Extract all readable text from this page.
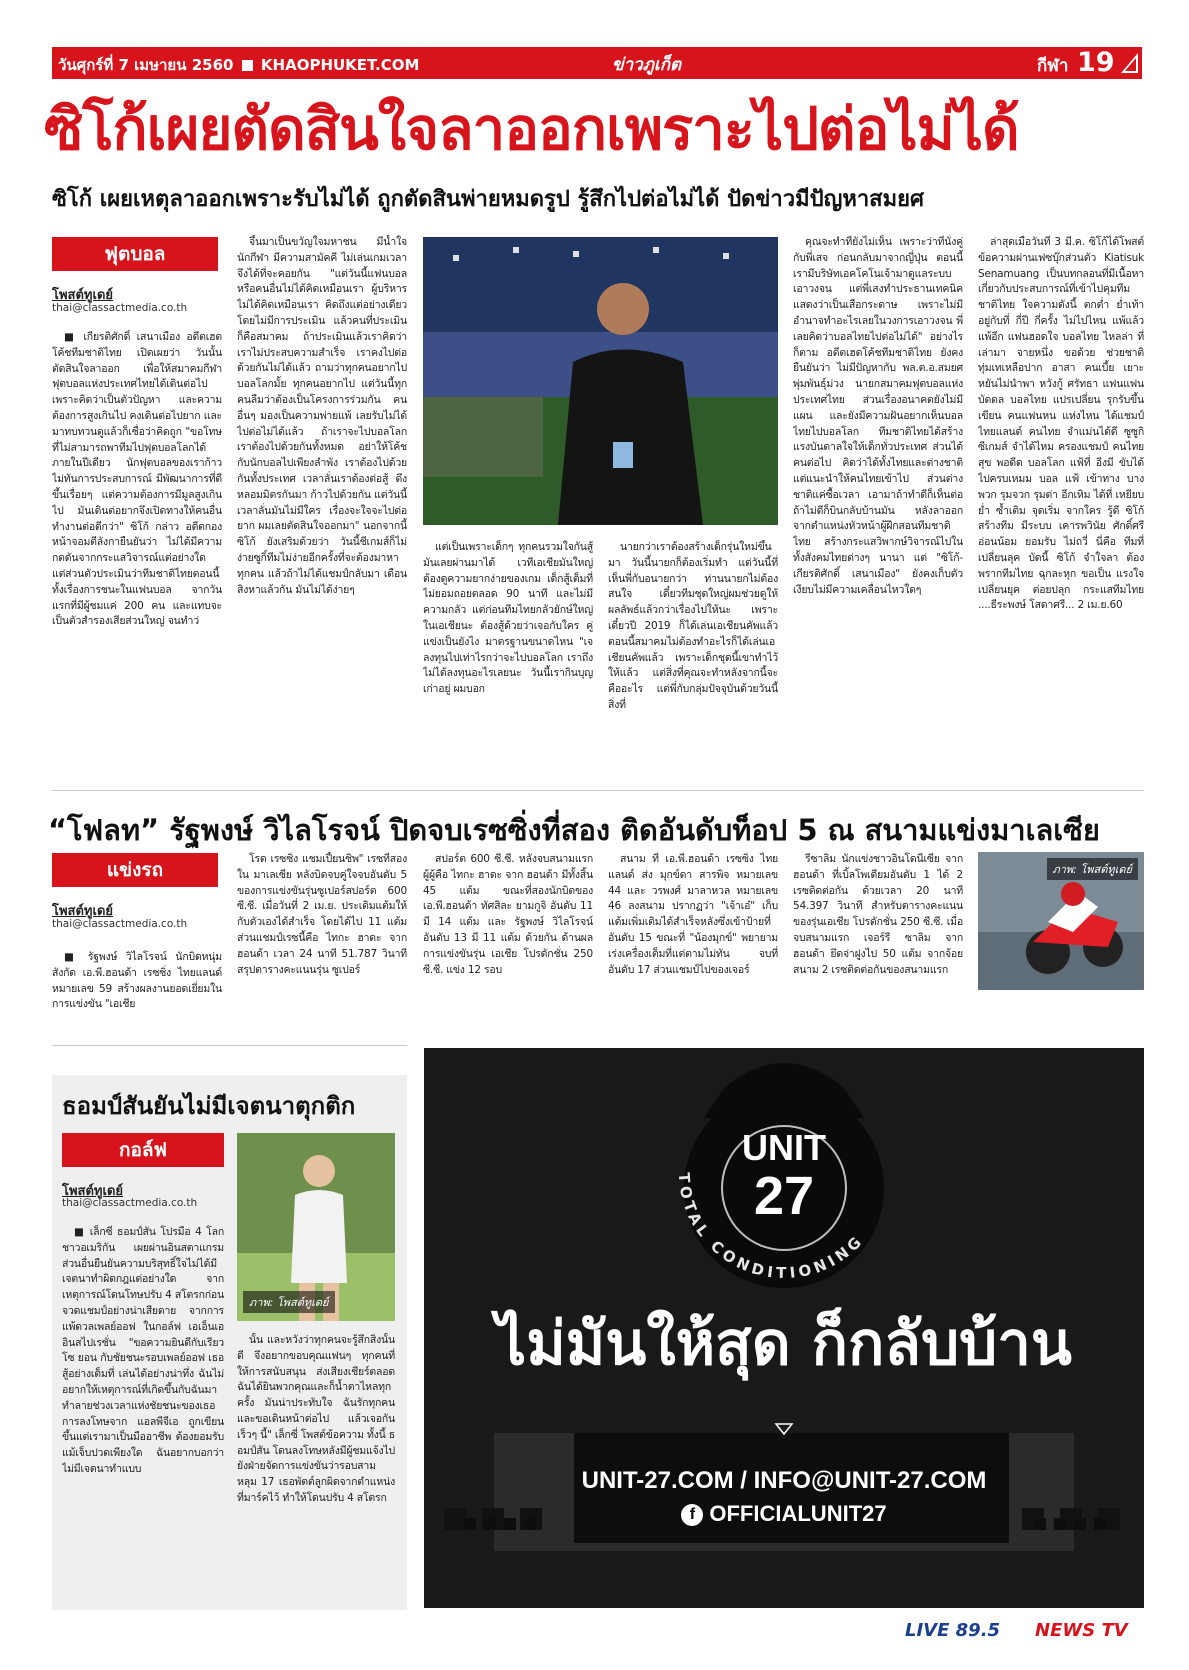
วันศุกร์ที่ 7 เมษายน 2560 KHAOPHUKET.COM	ข่าวภูเก็ต	กีฬา 19
ซิโก้เผยตัดสินใจลาออกเพราะไปต่อไม่ได้
ซิโก้ เผยเหตุลาออกเพราะรับไม่ได้ ถูกตัดสินพ่ายหมดรูป รู้สึกไปต่อไม่ได้ ปัดข่าวมีปัญหาสมยศ
ฟุตบอล
โพสต์ทูเดย์
thai@classactmedia.co.th

■ เกียรติศักดิ์ เสนาเมือง อดีตเฮดโค้ชทีมชาติไทย เปิดเผยว่า วันนั้นตัดสินใจลาออก เพื่อให้สมาคมกีฬาฟุตบอลแห่งประเทศไทยได้เดินต่อไป เพราะคิดว่าเป็นตัวปัญหา และความต้องการสูงเกินไป คงเดินต่อไปยาก และมาทบทวนดูแล้วก็เชื่อว่าคิดถูก "ขอโทษที่ไม่สามารถพาทีมไปฟุตบอลโลกได้ภายในปีเดียว นักฟุตบอลของเราก้าวไม่ทันการประสบการณ์ มีพัฒนาการที่ดีขึ้นเรื่อยๆ แต่ความต้องการมีมูลสูงเกินไป มันเดินต่อยากจึงเปิดทางให้คนอื่นทำงานต่อดีกว่า" ซิโก้ กล่าว อดีตกองหน้าจอมตีลังกายืนยันว่า ไม่ได้มีความกดดันจากกระแสวิจารณ์แต่อย่างใด แต่ส่วนตัวประเมินว่าทีมชาติไทยตอนนี้ ทั้งเรื่องการชนะในแฟนบอล จากวันแรกที่มีผู้ชมแค่ 200 คน และแทบจะเป็นตัวสำรองเสียส่วนใหญ่ จนทำว่

จึ้นมาเป็นขวัญใจมหาชน มีน้ำใจนักกีฬา มีความสามัคคี ไม่เล่นเกมเวลาจึงได้ที่จะคอยกัน "แต่วันนี้แฟนบอลหรือคนอื่นไม่ได้คิดเหมือนเรา ผู้บริหารไม่ได้คิดเหมือนเรา คิดถึงแต่อย่างเดียวโดยไม่มีการประเมิน แล้วคนที่ประเมินก็คือสมาคม ถ้าประเมินแล้วเราคิดว่าเราไม่ประสบความสำเร็จ เราคงไปต่อด้วยกันไม่ได้แล้ว ถามว่าทุกคนอยากไปบอลโลกมั้ย ทุกคนอยากไป แต่วันนี้ทุกคนลืมว่าต้องเป็นโครงการร่วมกัน คนอื่นๆ มองเป็นความพ่ายแพ้ เลยรับไม่ได้ ไปต่อไม่ได้แล้ว ถ้าเราจะไปบอลโลก เราต้องไปด้วยกันทั้งหมด อย่าให้โค้ชกับนักบอลไปเพียงลำพัง เราต้องไปด้วยกันทั้งประเทศ เวลาลั่นเราต้องต่อสู้ ดึงหลอมมิตรกันมา ก้าวไปด้วยกัน แต่วันนี้เวลาลั่นมันไม่มีใคร เรื่องจะใจจะไปต่อยาก ผมเลยตัดสินใจออกมา" นอกจากนี้ ซิโก้ ยังเสริมด้วยว่า วันนี้ชีเกมส์ก็ไม่ง่ายซูกิ์ทีมไม่ง่ายอีกครั้งที่จะต้องมาหาทุกคน แล้วถ้าไม่ได้แชมป์กลับมา เดือนสิงหาแล้วกัน มันไม่ได้ง่ายๆ

แต่เป็นเพราะเด็กๆ ทุกคนรวมใจกันสู้ มันเลยผ่านมาได้ เวทีเอเชียมันใหญ่ ต้องดูความยากง่ายของเกม เด็กสู้เต็มที่ ไม่ยอมถอยตลอด 90 นาที และไม่มีความกลัว แต่ก่อนทีมไทยกลัวยักษ์ใหญ่ในเอเชียนะ ต้องสู้ด้วยว่าเจอกับใคร คู่แข่งเป็นยังไง มาตรฐานขนาดไหน "เจลงทุนไปเท่าไรกว่าจะไปบอลโลก เราถึงไม่ได้ลงทุนอะไรเลยนะ วันนี้เรากินบุญเก่าอยู่ ผมบอก

นายกว่าเราต้องสร้างเด็กรุ่นใหม่ขึ้นมา วันนี้นายกก็ต้องเริ่มทำ แต่วันนี้ที่เห็นพี่กับอนายกว่า ท่านนายกไม่ต้องสนใจ เดี๋ยวทีมชุดใหญ่ผมช่วยดูให้ ผลลัพธ์แล้วกว่าเรื่องไปให้นะ เพราะเดี๋ยวปี 2019 ก็ได้เล่นเอเชียนคัพแล้ว ตอนนี้สมาคมไม่ต้องทำอะไรก็ได้เล่นเอเชียนคัพแล้ว เพราะเด็กชุดนี้เขาทำไว้ให้แล้ว แต่สิ่งที่คุณจะทำหลังจากนี้จะคืออะไร แต่พี่กับกลุ่มปัจจุบันด้วยวันนี้สิ่งที่

คุณจะทำที่ยังไม่เห็น เพราะว่าที่นั่งคู่กับพี่เสจ ก่อนกลับมาจากญี่ปุ่น ตอนนี้เรามีบริษัทเอคโคโนเจ้ามาดูแลระบบเอาวงจน แต่พี่เสงทำประธานเทคนิค แสดงว่าเป็นเสือกระดาษ เพราะไม่มีอำนาจทำอะไรเลยในวงการเอาวงจน พี่เลยคิดว่าบอลไทยไปต่อไม่ได้" อย่างไรก็ตาม อดีตเฮดโค้ชทีมชาติไทย ยังคงยืนยันว่า ไม่มีปัญหากับ พล.ต.อ.สมยศ พุ่มพันธุ์ม่วง นายกสมาคมฟุตบอลแห่งประเทศไทย ส่วนเรื่องอนาคตยังไม่มีแผน และยังมีความฝันอยากเห็นบอลไทยไปบอลโลก ทีมชาติไทยได้สร้างแรงบันดาลใจให้เด็กทั่วประเทศ ส่วนได้คนต่อไป คิดว่าได้ทั้งไทยและต่างชาติ แต่แนะนำให้คนไทยเข้าไป ส่วนต่างชาติแค่ซื้อเวลา เอามาถ้าทำดีก็เห็นต่อ ถ้าไม่ดีก็บินกลับบ้านมัน หลังลาออกจากตำแหน่งหัวหน้าผู้ฝึกสอนทีมชาติไทย สร้างกระแสวิพากษ์วิจารณ์ไปในทั้งสังคมไทยต่างๆ นานา แต่ "ซิโก้-เกียรติศักดิ์ เสนาเมือง" ยังคงเก็บตัวเงียบไม่มีความเคลื่อนไหวใดๆ

ล่าสุดเมื่อวันที่ 3 มี.ค. ซิโก้ได้โพสต์ข้อความผ่านเฟซบุ๊กส่วนตัว Kiatisuk Senamuang เป็นบทกลอนที่มีเนื้อหาเกี่ยวกับประสบการณ์ที่เข้าไปคุมทีมชาติไทย ใจความดังนี้ ตกต่ำ ย่ำเท้า อยู่กับที่ กี่ปี กี่ครั้ง ไม่ไปไหน แพ้แล้ว แพ้อีก แฟนฮอดใจ บอลไทย ไหลล่า ที่เล่ามา จายหนึ่ง ขอด้วย ช่วยชาติ ทุ่มเทเหลือปาก อาสา คนเบี้ย เยาะหยันไม่นำพา หวังกู้ ศรัทธา แฟนแฟนบัดดล บอลไทย แปรเปลี่ยน รุกรับขึ้นเขียน คนแฟนหน แห่งไหน ได้แชมป์ ไทยแลนด์ คนไทย จำแม่นได้ดี ซูซูกิ ซีเกมส์ จำได้ไหม ครองแชมป์ คนไทย สุข พอดีด บอลโลก แฟ้ที่ อีงมี ขับได้ ไปครบเหมม บอล แฟ้ เข้าทาง บางพวก รุมจวก รุมด่า อีกเหิม ได้ที่ เหยียบย่ำ ซ้ำเติม จุดเริ่ม จากใคร รู้ดี ซิโก้ สร้างทีม มีระบบ เคารพวินัย ศักดิ์ศรี อ่อนน้อม ยอมรับ ไม่ถวี่ นี่คือ ทีมที่ เปลี่ยนลุค บัดนี้ ซิโก้ จำใจลา ต้องพรากทีมไทย ฉุกละหุก ขอเป็น แรงใจ เปลี่ยนยุค ต่อยปลุก กระแสทีมไทย ....ธีระพงษ์ โสดาศรี... 2 เม.ย.60

“โฟลท” รัฐพงษ์ วิไลโรจน์ ปิดจบเรซซิ่งที่สอง ติดอันดับท็อป 5 ณ สนามแข่งมาเลเซีย
แข่งรถ
โพสต์ทูเดย์
thai@classactmedia.co.th

■ รัฐพงษ์ วิไลโรจน์ นักบิดหนุ่มสังกัด เอ.พี.ฮอนด้า เรซซิ่ง ไทยแลนด์ หมายเลข 59 สร้างผลงานยอดเยี่ยมในการแข่งขัน "เอเชีย

โรด เรซซิ่ง แชมเปี้ยนชิพ" เรซที่สองใน มาเลเซีย หลังบิดจบคู่ใจจบอันดับ 5 ของการแข่งขันรุ่นซูเปอร์สปอร์ต 600 ซี.ซี. เมื่อวันที่ 2 เม.ย. ประเดิมแต้มให้กับตัวเองได้สำเร็จ โดยได้ไป 11 แต้ม ส่วนแชมป์เรซนี้คือ ไทกะ ฮาดะ จาก ฮอนด้า เวลา 24 นาที 51.787 วินาที สรุปตารางคะแนนรุ่น ซูเปอร์

สปอร์ต 600 ซี.ซี. หลังจบสนามแรก ผู้ผู้คือ ไทกะ ฮาดะ จาก ฮอนด้า มีทั้งสิ้น 45 แต้ม ขณะที่สองนักบิดของ เอ.พี.ฮอนด้า ทัศสิละ ยามกูจิ อันดับ 11 มี 14 แต้ม และ รัฐพงษ์ วิไลโรจน์ อันดับ 13 มี 11 แต้ม ด้วยกัน ด้านผลการแข่งขันรุ่น เอเชีย โปรดักชั่น 250 ซี.ซี. แข่ง 12 รอบ

สนาม ที่ เอ.พี.ฮอนด้า เรซซิ่ง ไทยแลนด์ ส่ง มุกข์ดา สารพิจ หมายเลข 44 และ วรพงศ์ มาลาหวล หมายเลข 46 ลงสนาม ปรากฏว่า "เจ้าเอ๋" เก็บแต้มเพิ่มเติมได้สำเร็จหลังซึ่งเข้าป้ายที่อันดับ 15 ขณะที่ "น้องมุกข์" พยายามเร่งเครื่องเต็มที่แต่ตามไม่ทัน จบที่อันดับ 17 ส่วนแชมป์ไปของเจอร์

รีซาลิม นักแข่งชาวอินโดนีเซีย จาก ฮอนด้า ที่เบิ้ลโพเดียมอันดับ 1 ได้ 2 เรซติดต่อกัน ด้วยเวลา 20 นาที 54.397 วินาที สำหรับตารางคะแนนของรุ่นเอเชีย โปรดักชั่น 250 ซี.ซี. เมื่อจบสนามแรก เจอร์รี ซาลิม จาก ฮอนด้า ยึดจ่าฝูงไป 50 แต้ม จากจ้อยสนาม 2 เรซติดต่อกันของสนามแรก

ภาพ: โพสต์ทูเดย์
ธอมป์สันยันไม่มีเจตนาตุกติก
กอล์ฟ
โพสต์ทูเดย์
thai@classactmedia.co.th
ภาพ: โพสต์ทูเดย์

■ เล็กซี่ ธอมป์สัน โปรมือ 4 โลกชาวอเมริกัน เผยผ่านอินสตาแกรมส่วนอื่นยืนยันความบริสุทธิ์ใจไม่ได้มีเจตนาทำผิดกฎแต่อย่างใด จากเหตุการณ์โดนโทษปรับ 4 สโตรกก่อนจวดแชมป์อย่างน่าเสียดาย จากการแพ้ดวลเพลย์ออฟ ในกอล์ฟ เอเอ็นเอ อินสไปเรชั่น "ขอความยินดีกับเรียวโซ ยอน กับชัยชนะรอบเพลย์ออฟ เธอสู้อย่างเต็มที่ เล่นได้อย่างน่าทึ่ง ฉันไม่อยากให้เหตุการณ์ที่เกิดขึ้นกับฉันมาทำลายช่วงเวลาแห่งชัยชนะของเธอ การลงโทษจาก แอลพีจีเอ ถูกเขียนขึ้นแต่เรามาเป็นมืออาชีพ ต้องยอมรับ แม้เจ็บปวดเพียงใด ฉันอยากบอกว่าไม่มีเจตนาทำแบบ

นั้น และหวังว่าทุกคนจะรู้สึกสิ่งนั้นดี จึงอยากขอบคุณแฟนๆ ทุกคนที่ให้การสนับสนุน ส่งเสียงเชียร์ตลอด ฉันได้ยินพวกคุณและก็น้ำตาไหลทุกครั้ง มันน่าประทับใจ ฉันรักทุกคนและขอเดินหน้าต่อไป แล้วเจอกันเร็วๆ นี้" เล็กซี่ โพสต์ข้อความ ทั้งนี้ ธอมป์สัน โดนลงโทษหลังมีผู้ชมแจ้งไปยังฝ่ายจัดการแข่งขันว่ารอบสามหลุม 17 เธอพัตต์ลูกผิดจากตำแหน่งที่มาร์คไว้ ทำให้โดนปรับ 4 สโตรก

TOTAL CONDITIONING
UNIT
27
ไม่มันให้สุด ก็กลับบ้าน
UNIT-27.COM / INFO@UNIT-27.COM
f OFFICIALUNIT27
LIVE 89.5 NEWS TV
